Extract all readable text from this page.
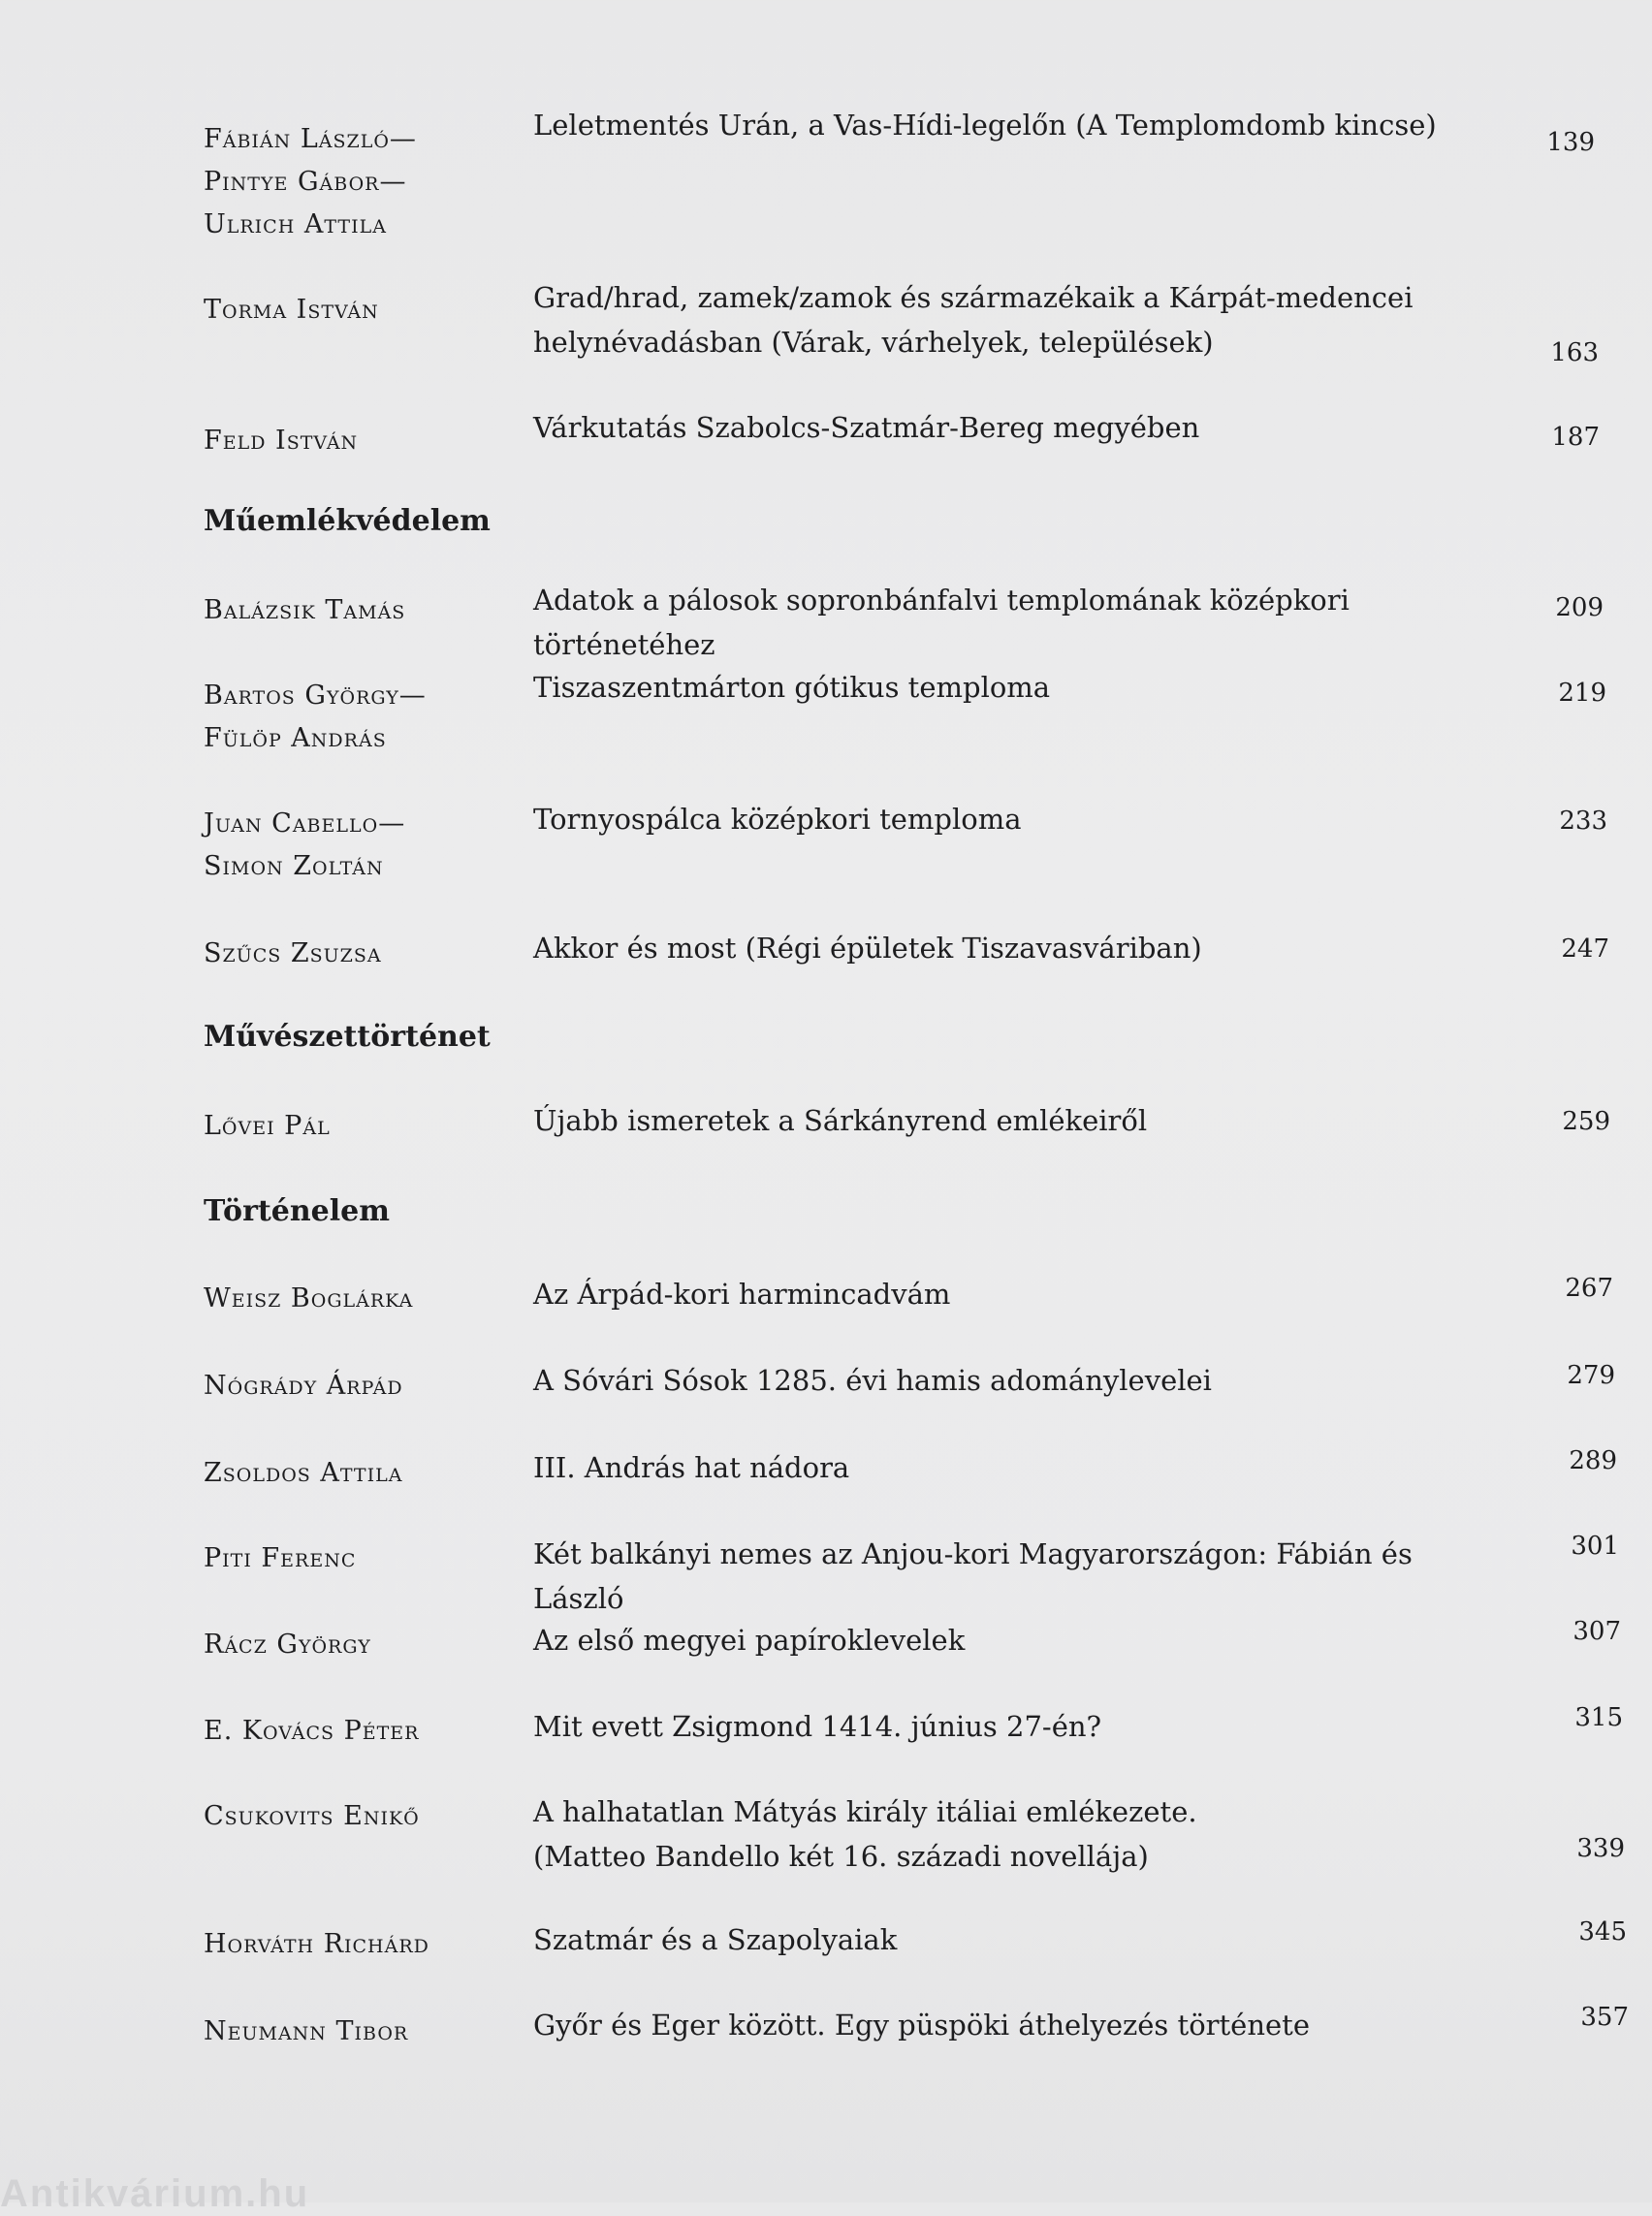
Fábián László—
Pintye Gábor—
Ulrich Attila
Leletmentés Urán, a Vas-Hídi-legelőn (A Templomdomb kincse)
139
Torma István	Grad/hrad, zamek/zamok és származékaik a Kárpát-medencei
helynévadásban (Várak, várhelyek, települések)	163
Feld István	Várkutatás Szabolcs-Szatmár-Bereg megyében	187
Műemlékvédelem
Balázsik Tamás	Adatok a pálosok sopronbánfalvi templomának középkori történetéhez
209
Bartos György—
Fülöp András
Tiszaszentmárton gótikus temploma	219
Juan Cabello—
Simon Zoltán
Tornyospálca középkori temploma	233
Szűcs Zsuzsa	Akkor és most (Régi épületek Tiszavasváriban)	247
Művészettörténet
Lővei Pál	Újabb ismeretek a Sárkányrend emlékeiről	259
Történelem
Weisz Boglárka	Az Árpád-kori harmincadvám	267
Nógrády Árpád	A Sóvári Sósok 1285. évi hamis adománylevelei	279
Zsoldos Attila	III. András hat nádora	289
Piti Ferenc	Két balkányi nemes az Anjou-kori Magyarországon: Fábián és László
301
Rácz György	Az első megyei papíroklevelek	307
E. Kovács Péter	Mit evett Zsigmond 1414. június 27-én?	315
Csukovits Enikő	A halhatatlan Mátyás király itáliai emlékezete.
(Matteo Bandello két 16. századi novellája)	339
Horváth Richárd	Szatmár és a Szapolyaiak	345
Neumann Tibor	Győr és Eger között. Egy püspöki áthelyezés története	357
Antikvárium.hu
